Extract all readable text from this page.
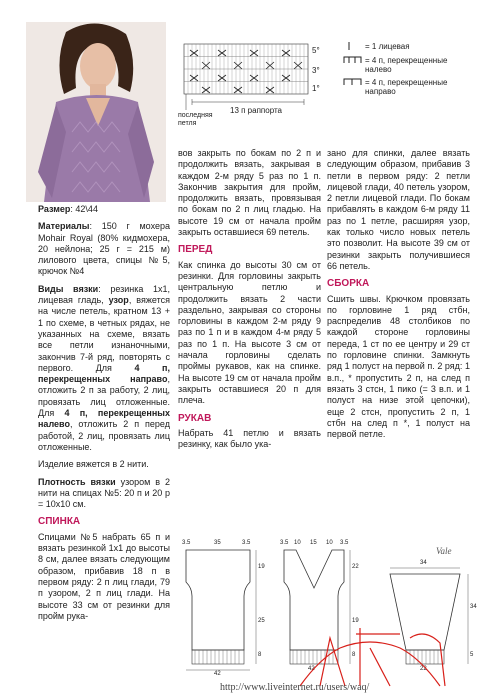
5°
3°
1°
13 п раппорта
последняя петля
= 1 лицевая
= 4 п, перекрещенные налево
= 4 п, перекрещенные направо

Размер: 42\44

Материалы: 150 г мохера Mohair Royal (80% кидмохера, 20 нейлона; 25 г = 215 м) лилового цвета, спицы №5, крючок №4

Виды вязки: резинка 1х1, лицевая гладь, узор, вяжется на числе петель, кратном 13 + 1 по схеме, в четных рядах, не указанных на схеме, вязать все петли изнаночными, закончив 7-й ряд, повторять с первого. Для 4 п, перекрещенных направо, отложить 2 п за работу, 2 лиц, провязать лиц отложенные. Для 4 п, перекрещенных налево, отложить 2 п перед работой, 2 лиц, провязать лиц отложенные.

Изделие вяжется в 2 нити.

Плотность вязки узором в 2 нити на спицах №5: 20 п и 20 р = 10х10 см.

СПИНКА

Спицами №5 набрать 65 п и вязать резинкой 1х1 до высоты 8 см, далее вязать следующим образом, прибавив 18 п в первом ряду: 2 п лиц глади, 79 п узором, 2 п лиц глади. На высоте 33 см от резинки для пройм рука-

вов закрыть по бокам по 2 п и продолжить вязать, закрывая в каждом 2-м ряду 5 раз по 1 п. Закончив закрытия для пройм, продолжить вязать, провязывая по бокам по 2 п лиц гладью. На высоте 19 см от начала пройм закрыть оставшиеся 69 петель.

ПЕРЕД

Как спинка до высоты 30 см от резинки. Для горловины закрыть центральную петлю и продолжить вязать 2 части раздельно, закрывая со стороны горловины в каждом 2-м ряду 9 раз по 1 п и в каждом 4-м ряду 5 раз по 1 п. На высоте 3 см от начала горловины сделать проймы рукавов, как на спинке. На высоте 19 см от начала пройм закрыть оставшиеся 20 п для плеча.

РУКАВ

Набрать 41 петлю и вязать резинку, как было ука-

зано для спинки, далее вязать следующим образом, прибавив 3 петли в первом ряду: 2 петли лицевой глади, 40 петель узором, 2 петли лицевой глади. По бокам прибавлять в каждом 6-м ряду 11 раз по 1 петле, расширяя узор, как только число новых петель это позволит. На высоте 39 см от резинки закрыть получившиеся 66 петель.

СБОРКА

Сшить швы. Крючком провязать по горловине 1 ряд стбн, распределив 48 столбиков по каждой стороне горловины переда, 1 ст по ее центру и 29 ст по горловине спинки. Замкнуть ряд 1 полуст на первой п. 2 ряд: 1 в.п., * пропустить 2 п, на след п вязать 3 стсн, 1 пико (= 3 в.п. и 1 полуст на низе этой цепочки), еще 2 стсн, пропустить 2 п, 1 стбн на след п *, 1 полуст на первой петле.

3.5	35	3.5
19
25
8
42
3.5 10 15 10 3.5
22
19
8
42
34
34
5
22
Vale
http://www.liveinternet.ru/users/waq/
